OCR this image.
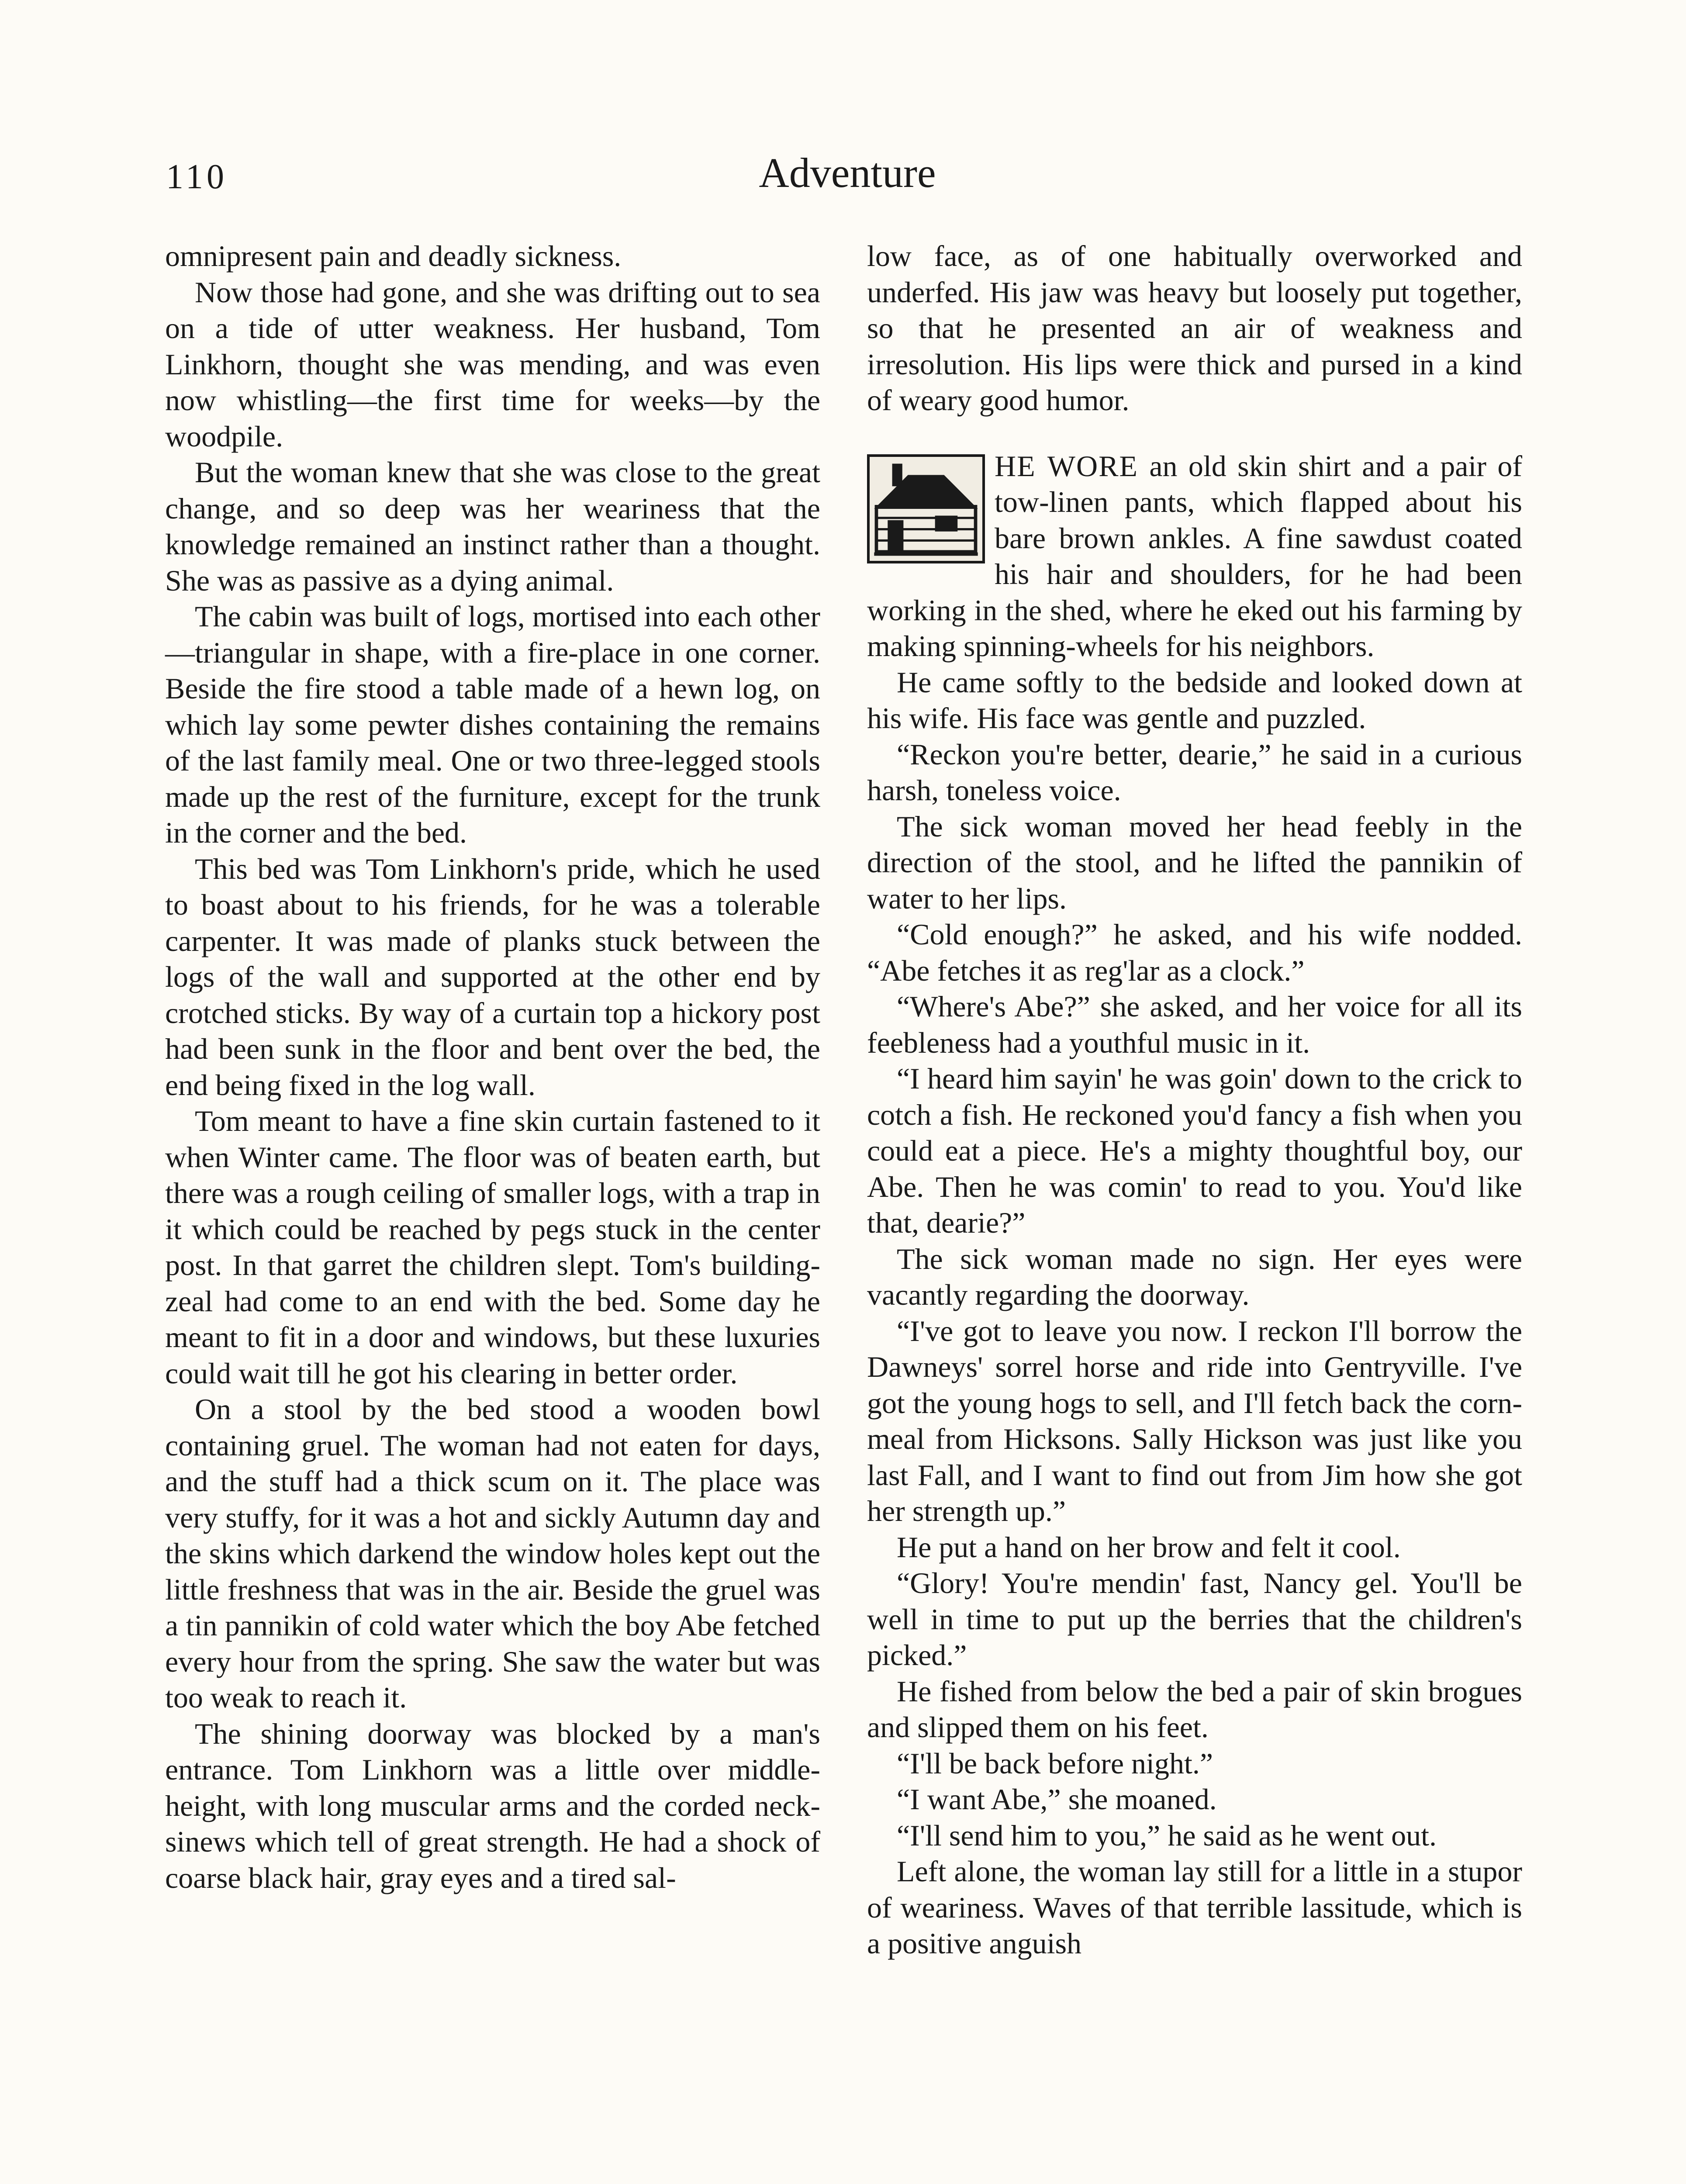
110	Adventure

omnipresent pain and deadly sickness.

Now those had gone, and she was drifting out to sea on a tide of utter weakness. Her husband, Tom Linkhorn, thought she was mending, and was even now whistling—the first time for weeks—by the woodpile.

But the woman knew that she was close to the great change, and so deep was her weariness that the knowledge remained an instinct rather than a thought. She was as passive as a dying animal.

The cabin was built of logs, mortised into each other—triangular in shape, with a fire-place in one corner. Beside the fire stood a table made of a hewn log, on which lay some pewter dishes containing the remains of the last family meal. One or two three-legged stools made up the rest of the furniture, except for the trunk in the corner and the bed.

This bed was Tom Linkhorn's pride, which he used to boast about to his friends, for he was a tolerable carpenter. It was made of planks stuck between the logs of the wall and supported at the other end by crotched sticks. By way of a curtain top a hickory post had been sunk in the floor and bent over the bed, the end being fixed in the log wall.

Tom meant to have a fine skin curtain fastened to it when Winter came. The floor was of beaten earth, but there was a rough ceiling of smaller logs, with a trap in it which could be reached by pegs stuck in the center post. In that garret the children slept. Tom's building-zeal had come to an end with the bed. Some day he meant to fit in a door and windows, but these luxuries could wait till he got his clearing in better order.

On a stool by the bed stood a wooden bowl containing gruel. The woman had not eaten for days, and the stuff had a thick scum on it. The place was very stuffy, for it was a hot and sickly Autumn day and the skins which darkend the window holes kept out the little freshness that was in the air. Beside the gruel was a tin pannikin of cold water which the boy Abe fetched every hour from the spring. She saw the water but was too weak to reach it.

The shining doorway was blocked by a man's entrance. Tom Linkhorn was a little over middle-height, with long muscular arms and the corded neck-sinews which tell of great strength. He had a shock of coarse black hair, gray eyes and a tired sal-

low face, as of one habitually overworked and underfed. His jaw was heavy but loosely put together, so that he presented an air of weakness and irresolution. His lips were thick and pursed in a kind of weary good humor.

HE WORE an old skin shirt and a pair of tow-linen pants, which flapped about his bare brown ankles. A fine sawdust coated his hair and shoulders, for he had been working in the shed, where he eked out his farming by making spinning-wheels for his neighbors.

He came softly to the bedside and looked down at his wife. His face was gentle and puzzled.

“Reckon you're better, dearie,” he said in a curious harsh, toneless voice.

The sick woman moved her head feebly in the direction of the stool, and he lifted the pannikin of water to her lips.

“Cold enough?” he asked, and his wife nodded. “Abe fetches it as reg'lar as a clock.”

“Where's Abe?” she asked, and her voice for all its feebleness had a youthful music in it.

“I heard him sayin' he was goin' down to the crick to cotch a fish. He reckoned you'd fancy a fish when you could eat a piece. He's a mighty thoughtful boy, our Abe. Then he was comin' to read to you. You'd like that, dearie?”

The sick woman made no sign. Her eyes were vacantly regarding the doorway.

“I've got to leave you now. I reckon I'll borrow the Dawneys' sorrel horse and ride into Gentryville. I've got the young hogs to sell, and I'll fetch back the corn-meal from Hicksons. Sally Hickson was just like you last Fall, and I want to find out from Jim how she got her strength up.”

He put a hand on her brow and felt it cool.

“Glory! You're mendin' fast, Nancy gel. You'll be well in time to put up the berries that the children's picked.”

He fished from below the bed a pair of skin brogues and slipped them on his feet.

“I'll be back before night.”

“I want Abe,” she moaned.

“I'll send him to you,” he said as he went out.

Left alone, the woman lay still for a little in a stupor of weariness. Waves of that terrible lassitude, which is a positive anguish
